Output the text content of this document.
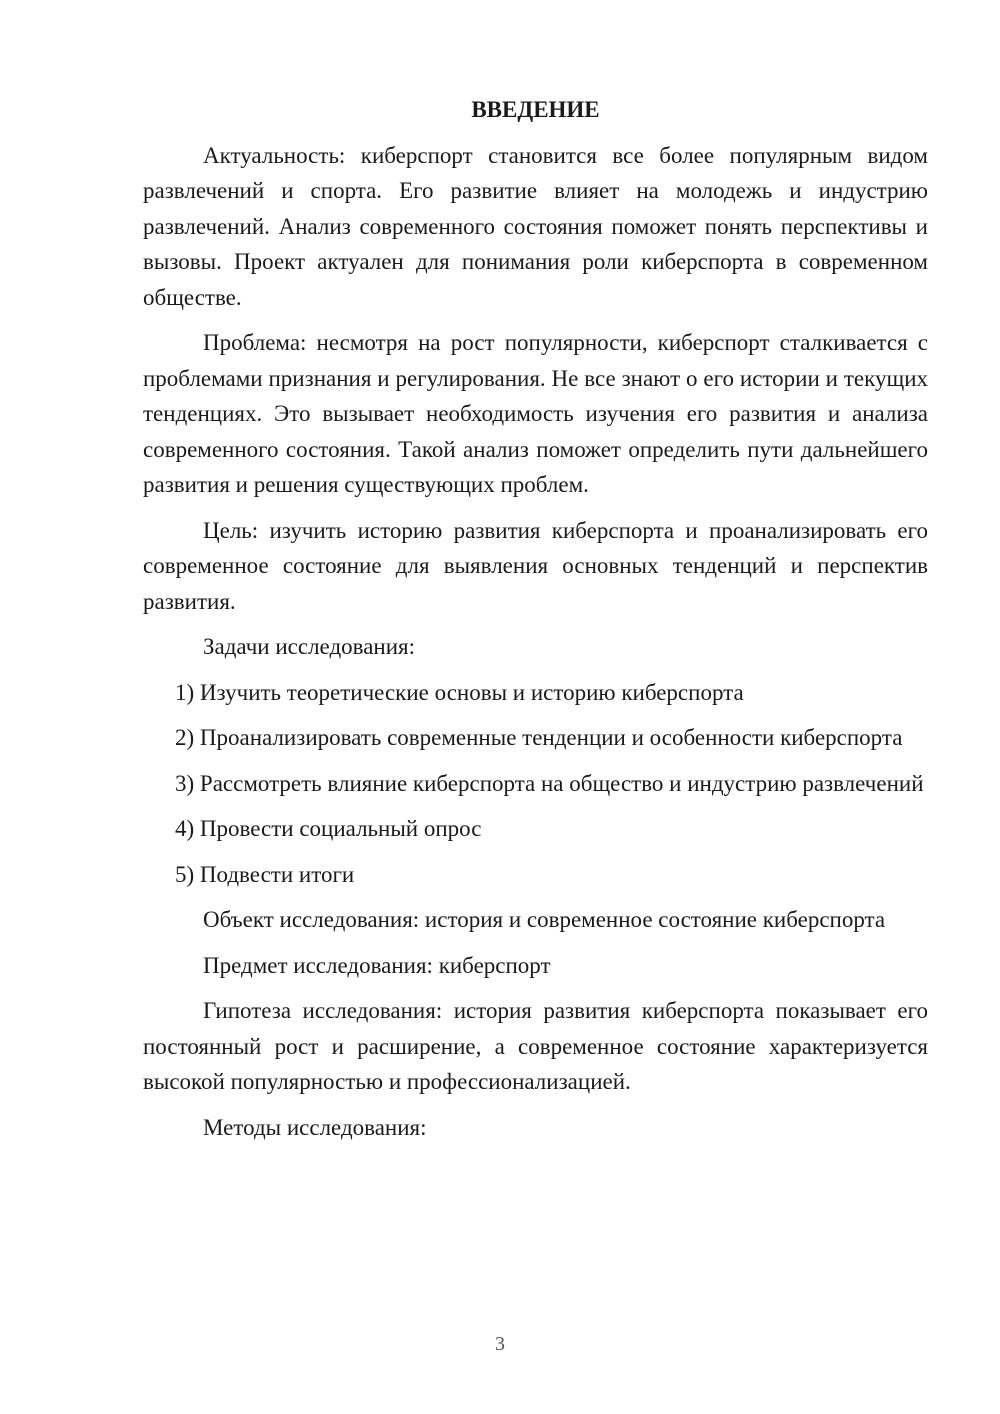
ВВЕДЕНИЕ

Актуальность: киберспорт становится все более популярным видом развлечений и спорта. Его развитие влияет на молодежь и индустрию развлечений. Анализ современного состояния поможет понять перспективы и вызовы. Проект актуален для понимания роли киберспорта в современном обществе.

Проблема: несмотря на рост популярности, киберспорт сталкивается с проблемами признания и регулирования. Не все знают о его истории и текущих тенденциях. Это вызывает необходимость изучения его развития и анализа современного состояния. Такой анализ поможет определить пути дальнейшего развития и решения существующих проблем.

Цель: изучить историю развития киберспорта и проанализировать его современное состояние для выявления основных тенденций и перспектив развития.

Задачи исследования:

1) Изучить теоретические основы и историю киберспорта

2) Проанализировать современные тенденции и особенности киберспорта

3) Рассмотреть влияние киберспорта на общество и индустрию развлечений

4) Провести социальный опрос

5) Подвести итоги

Объект исследования: история и современное состояние киберспорта

Предмет исследования: киберспорт

Гипотеза исследования: история развития киберспорта показывает его постоянный рост и расширение, а современное состояние характеризуется высокой популярностью и профессионализацией.

Методы исследования:

3
